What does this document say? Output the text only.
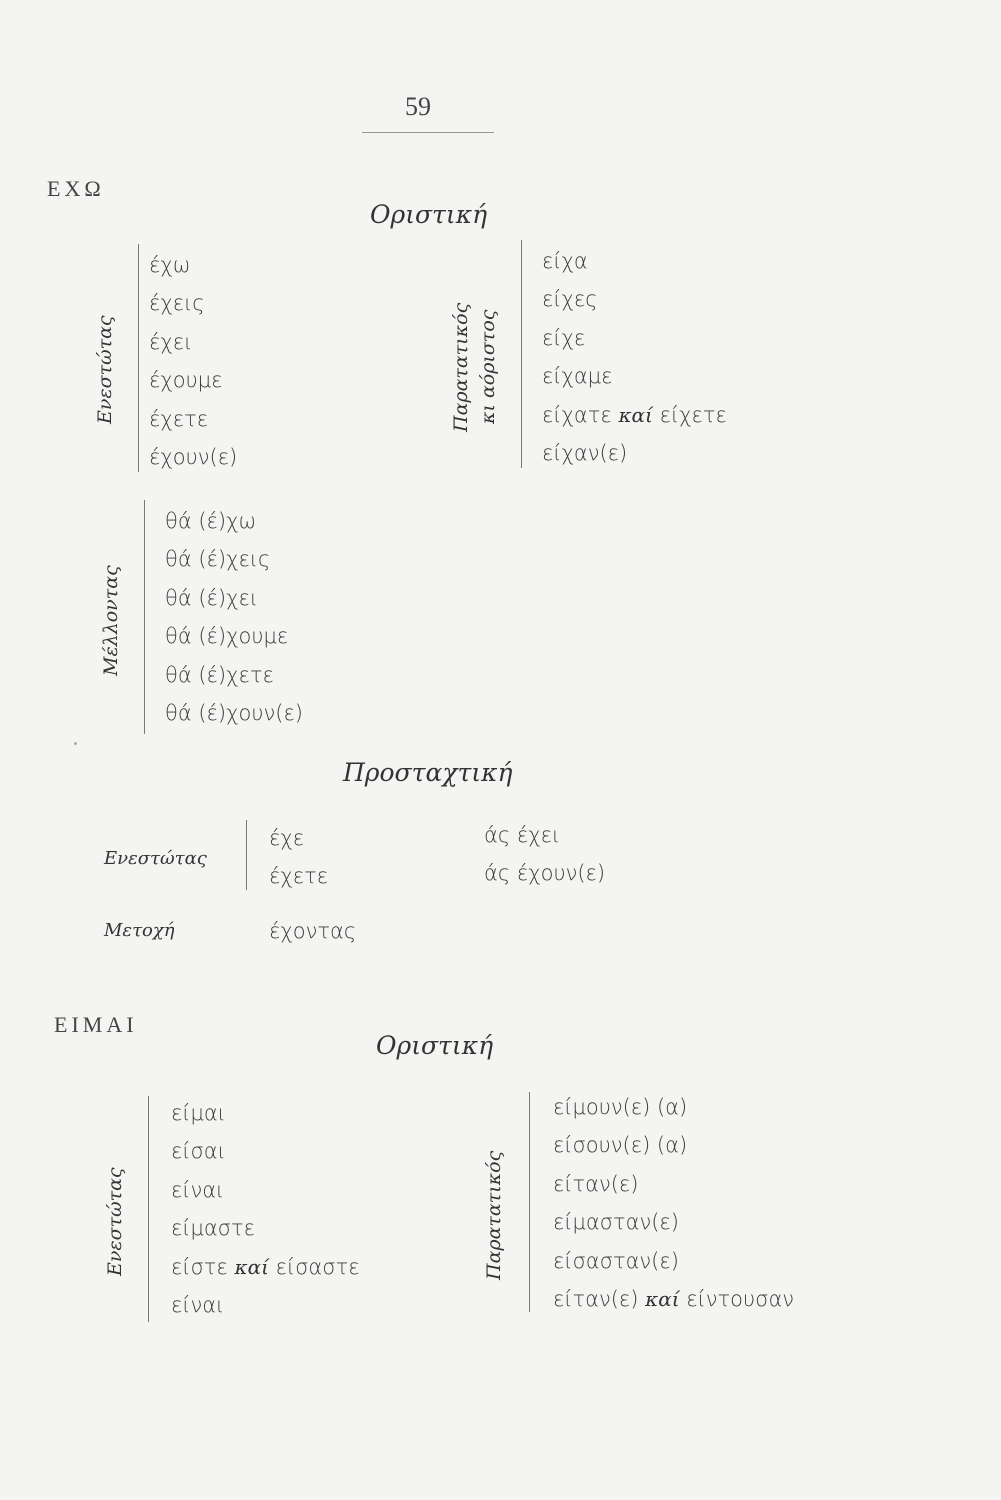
59
ΕΧΩ
Οριστική
Ενεστώτας
έχω
έχεις
έχει
έχουμε
έχετε
έχουν(ε)
Παρατατικός κι αόριστος
είχα
είχες
είχε
είχαμε
είχατε καί είχετε
είχαν(ε)
Μέλλοντας
θά (έ)χω
θά (έ)χεις
θά (έ)χει
θά (έ)χουμε
θά (έ)χετε
θά (έ)χουν(ε)
Προσταχτική
Ενεστώτας
έχε
έχετε
άς έχει
άς έχουν(ε)
Μετοχή	έχοντας
ΕΙΜΑΙ
Οριστική
Ενεστώτας
είμαι
είσαι
είναι
είμαστε
είστε καί είσαστε
είναι
Παρατατικός
είμουν(ε) (α)
είσουν(ε) (α)
είταν(ε)
είμασταν(ε)
είσασταν(ε)
είταν(ε) καί είντουσαν
